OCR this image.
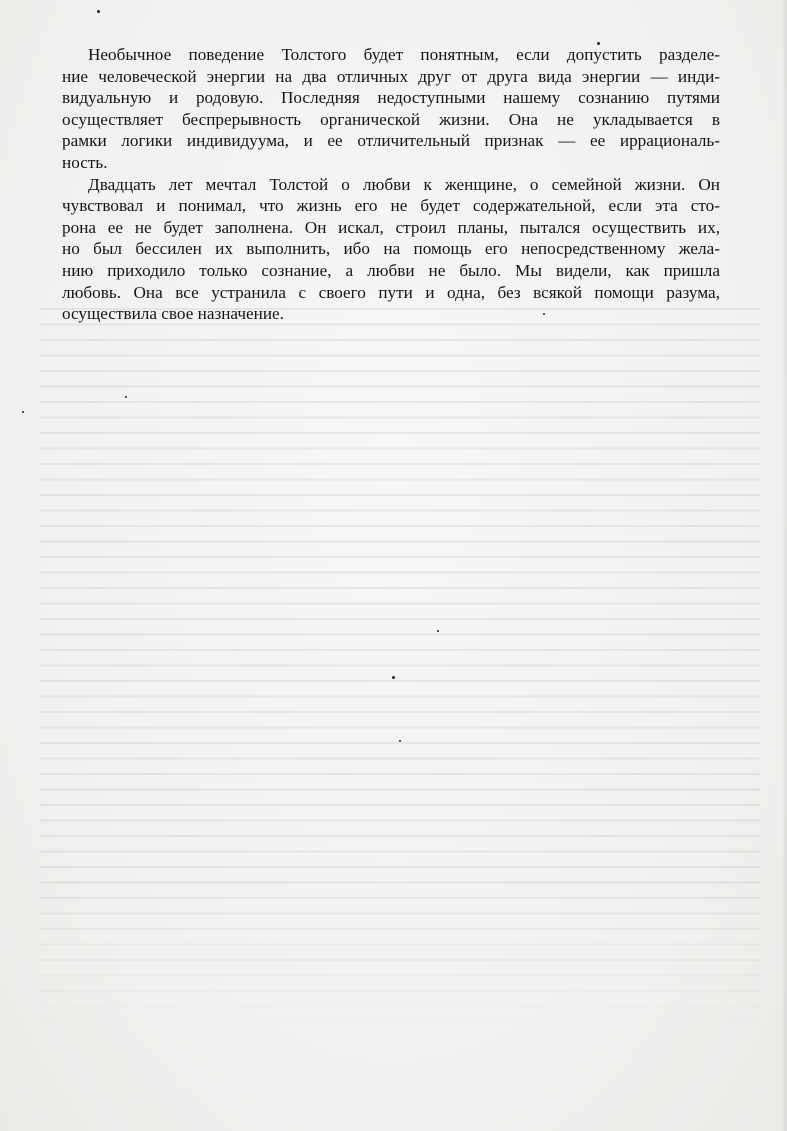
Необычное поведение Толстого будет понятным, если допустить разделе-
ние человеческой энергии на два отличных друг от друга вида энергии — инди-
видуальную и родовую. Последняя недоступными нашему сознанию путями
осуществляет беспрерывность органической жизни. Она не укладывается в
рамки логики индивидуума, и ее отличительный признак — ее иррациональ-
ность.
Двадцать лет мечтал Толстой о любви к женщине, о семейной жизни. Он
чувствовал и понимал, что жизнь его не будет содержательной, если эта сто-
рона ее не будет заполнена. Он искал, строил планы, пытался осуществить их,
но был бессилен их выполнить, ибо на помощь его непосредственному жела-
нию приходило только сознание, а любви не было. Мы видели, как пришла
любовь. Она все устранила с своего пути и одна, без всякой помощи разума,
осуществила свое назначение.
